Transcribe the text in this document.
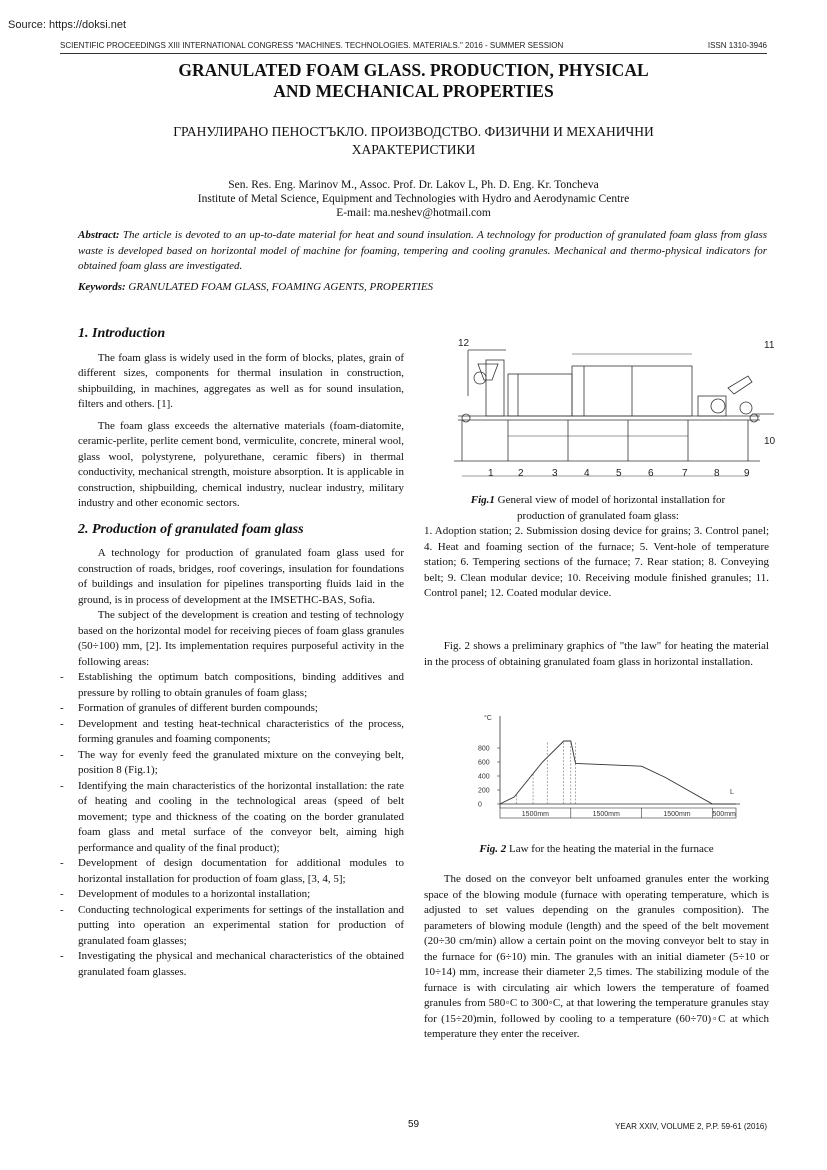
Source: https://doksi.net
SCIENTIFIC PROCEEDINGS XIII INTERNATIONAL CONGRESS "MACHINES. TECHNOLOGIES. MATERIALS." 2016 - SUMMER SESSION	ISSN 1310-3946
GRANULATED FOAM GLASS. PRODUCTION, PHYSICAL
AND MECHANICAL PROPERTIES
ГРАНУЛИРАНО ПЕНОСТЪКЛО. ПРОИЗВОДСТВО. ФИЗИЧНИ И МЕХАНИЧНИ
ХАРАКТЕРИСТИКИ
Sen. Res. Eng. Marinov M., Assoc. Prof. Dr. Lakov L, Ph. D. Eng. Kr. Toncheva
Institute of Metal Science, Equipment and Technologies with Hydro and Aerodynamic Centre
E-mail: ma.neshev@hotmail.com
Abstract: The article is devoted to an up-to-date material for heat and sound insulation. A technology for production of granulated foam glass from glass waste is developed based on horizontal model of machine for foaming, tempering and cooling granules. Mechanical and thermo-physical indicators for obtained foam glass are investigated.
Keywords: GRANULATED FOAM GLASS, FOAMING AGENTS, PROPERTIES
1. Introduction

The foam glass is widely used in the form of blocks, plates, grain of different sizes, components for thermal insulation in construction, shipbuilding, in machines, aggregates as well as for sound insulation, filters and others. [1].

The foam glass exceeds the alternative materials (foam-diatomite, ceramic-perlite, perlite cement bond, vermiculite, concrete, mineral wool, glass wool, polystyrene, polyurethane, ceramic fibers) in thermal conductivity, mechanical strength, moisture absorption. It is applicable in construction, shipbuilding, chemical industry, nuclear industry, military industry and other economic sectors.

2. Production of granulated foam glass

A technology for production of granulated foam glass used for construction of roads, bridges, roof coverings, insulation for foundations of buildings and insulation for pipelines transporting fluids laid in the ground, is in process of development at the IMSETHC-BAS, Sofia.

The subject of the development is creation and testing of technology based on the horizontal model for receiving pieces of foam glass granules (50÷100) mm, [2]. Its implementation requires purposeful activity in the following areas:

- Establishing the optimum batch compositions, binding additives and pressure by rolling to obtain granules of foam glass;
- Formation of granules of different burden compounds;
- Development and testing heat-technical characteristics of the process, forming granules and foaming components;
- The way for evenly feed the granulated mixture on the conveying belt, position 8 (Fig.1);
- Identifying the main characteristics of the horizontal installation: the rate of heating and cooling in the technological areas (speed of belt movement; type and thickness of the coating on the border granulated foam glass and metal surface of the conveyor belt, aiming high performance and quality of the final product);
- Development of design documentation for additional modules to horizontal installation for production of foam glass, [3, 4, 5];
- Development of modules to a horizontal installation;
- Conducting technological experiments for settings of the installation and putting into operation an experimental station for production of granulated foam glasses;
- Investigating the physical and mechanical characteristics of the obtained granulated foam glasses.
1 2	3	4	5	6	7	8 9
10
11
12
Fig.1 General view of model of horizontal installation for
production of granulated foam glass:
1. Adoption station; 2. Submission dosing device for grains; 3. Control panel; 4. Heat and foaming section of the furnace; 5. Vent-hole of temperature station; 6. Tempering sections of the furnace; 7. Rear station; 8. Conveying belt; 9. Clean modular device; 10. Receiving module finished granules; 11. Control panel; 12. Coated modular device.

Fig. 2 shows a preliminary graphics of "the law" for heating the material in the process of obtaining granulated foam glass in horizontal installation.

°C
L
800
600
400
200
0
1500mm	1500mm	1500mm	500mm
Fig. 2 Law for the heating the material in the furnace

The dosed on the conveyor belt unfoamed granules enter the working space of the blowing module (furnace with operating temperature, which is adjusted to set values depending on the granules composition). The parameters of blowing module (length) and the speed of the belt movement (20÷30 cm/min) allow a certain point on the moving conveyor belt to stay in the furnace for (6÷10) min. The granules with an initial diameter (5÷10 or 10÷14) mm, increase their diameter 2,5 times. The stabilizing module of the furnace is with circulating air which lowers the temperature of foamed granules from 580◦C to 300◦C, at that lowering the temperature granules stay for (15÷20)min, followed by cooling to a temperature (60÷70)◦C at which temperature they enter the receiver.

59	YEAR XXIV, VOLUME 2, P.P. 59-61 (2016)
